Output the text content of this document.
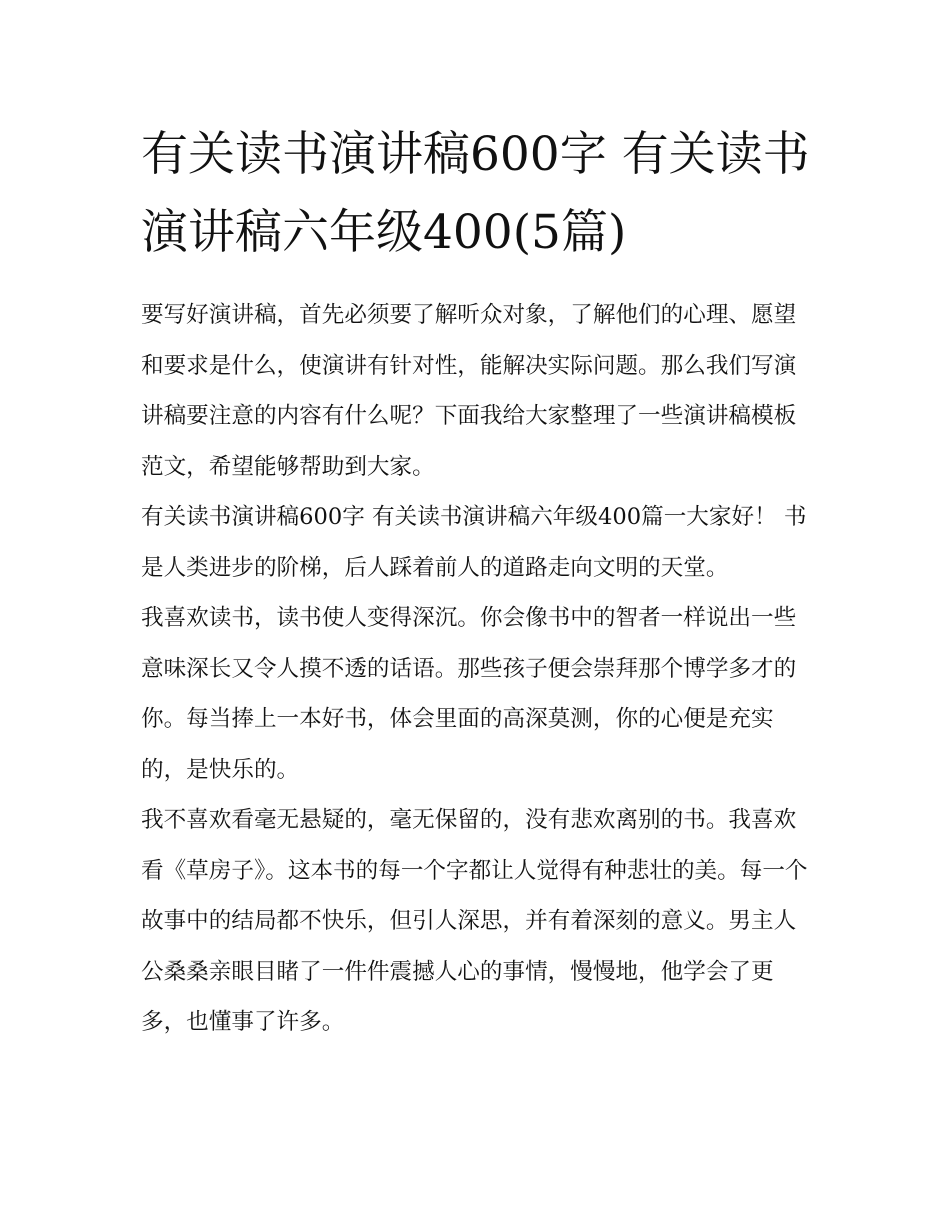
有关读书演讲稿600字 有关读书演讲稿六年级400(5篇)

要写好演讲稿，首先必须要了解听众对象，了解他们的心理、愿望和要求是什么，使演讲有针对性，能解决实际问题。那么我们写演讲稿要注意的内容有什么呢？下面我给大家整理了一些演讲稿模板范文，希望能够帮助到大家。

有关读书演讲稿600字 有关读书演讲稿六年级400篇一大家好！ 书是人类进步的阶梯，后人踩着前人的道路走向文明的天堂。

我喜欢读书，读书使人变得深沉。你会像书中的智者一样说出一些意味深长又令人摸不透的话语。那些孩子便会崇拜那个博学多才的你。每当捧上一本好书，体会里面的高深莫测，你的心便是充实的，是快乐的。

我不喜欢看毫无悬疑的，毫无保留的，没有悲欢离别的书。我喜欢看《草房子》。这本书的每一个字都让人觉得有种悲壮的美。每一个故事中的结局都不快乐，但引人深思，并有着深刻的意义。男主人公桑桑亲眼目睹了一件件震撼人心的事情，慢慢地，他学会了更多，也懂事了许多。
